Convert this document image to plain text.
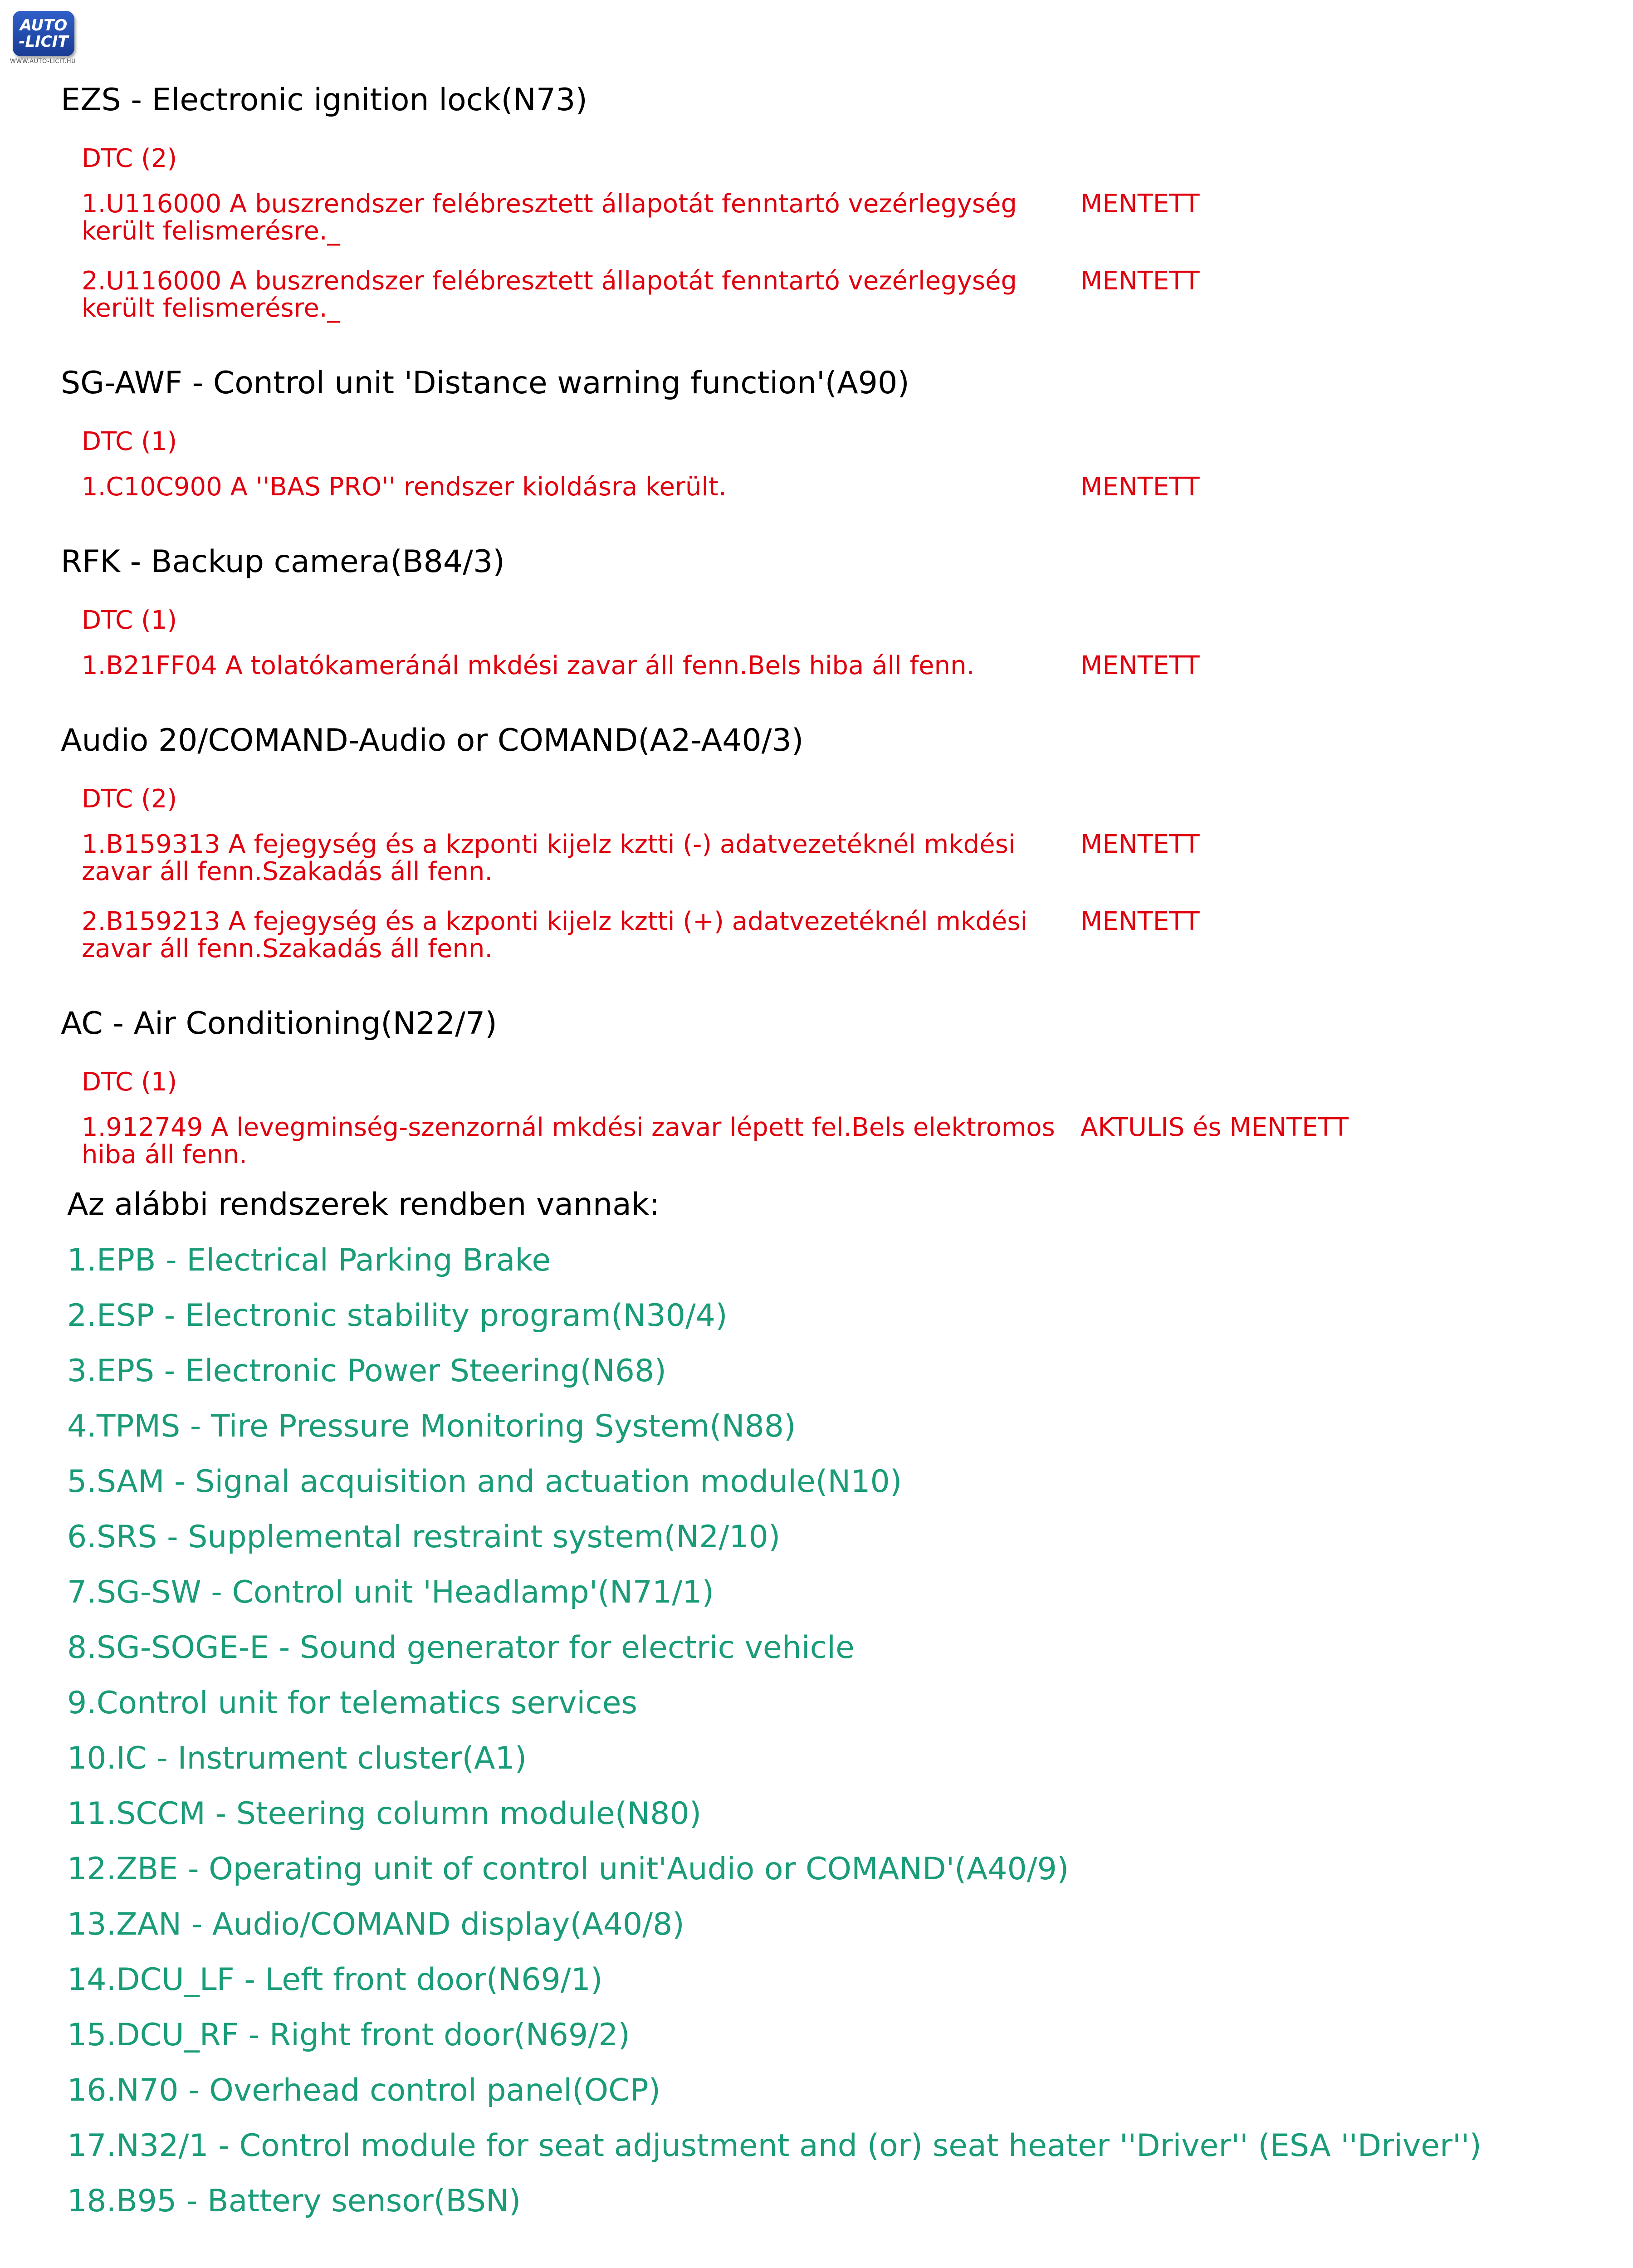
AUTO
-LICIT
WWW.AUTO-LICIT.HU
EZS - Electronic ignition lock(N73)
DTC (2)
1.U116000 A buszrendszer felébresztett állapotát fenntartó vezérlegység került felismerésre._
MENTETT
2.U116000 A buszrendszer felébresztett állapotát fenntartó vezérlegység került felismerésre._
MENTETT
SG-AWF - Control unit 'Distance warning function'(A90)
DTC (1)
1.C10C900 A ''BAS PRO'' rendszer kioldásra került.	MENTETT
RFK - Backup camera(B84/3)
DTC (1)
1.B21FF04 A tolatókameránál mkdési zavar áll fenn.Bels hiba áll fenn.	MENTETT
Audio 20/COMAND-Audio or COMAND(A2-A40/3)
DTC (2)
1.B159313 A fejegység és a kzponti kijelz kztti (-) adatvezetéknél mkdési zavar áll fenn.Szakadás áll fenn.
MENTETT
2.B159213 A fejegység és a kzponti kijelz kztti (+) adatvezetéknél mkdési zavar áll fenn.Szakadás áll fenn.
MENTETT
AC - Air Conditioning(N22/7)
DTC (1)
1.912749 A levegminség-szenzornál mkdési zavar lépett fel.Bels elektromos hiba áll fenn.
AKTULIS és MENTETT
Az alábbi rendszerek rendben vannak:
1.EPB - Electrical Parking Brake
2.ESP - Electronic stability program(N30/4)
3.EPS - Electronic Power Steering(N68)
4.TPMS - Tire Pressure Monitoring System(N88)
5.SAM - Signal acquisition and actuation module(N10)
6.SRS - Supplemental restraint system(N2/10)
7.SG-SW - Control unit 'Headlamp'(N71/1)
8.SG-SOGE-E - Sound generator for electric vehicle
9.Control unit for telematics services
10.IC - Instrument cluster(A1)
11.SCCM - Steering column module(N80)
12.ZBE - Operating unit of control unit'Audio or COMAND'(A40/9)
13.ZAN - Audio/COMAND display(A40/8)
14.DCU_LF - Left front door(N69/1)
15.DCU_RF - Right front door(N69/2)
16.N70 - Overhead control panel(OCP)
17.N32/1 - Control module for seat adjustment and (or) seat heater ''Driver'' (ESA ''Driver'')
18.B95 - Battery sensor(BSN)
